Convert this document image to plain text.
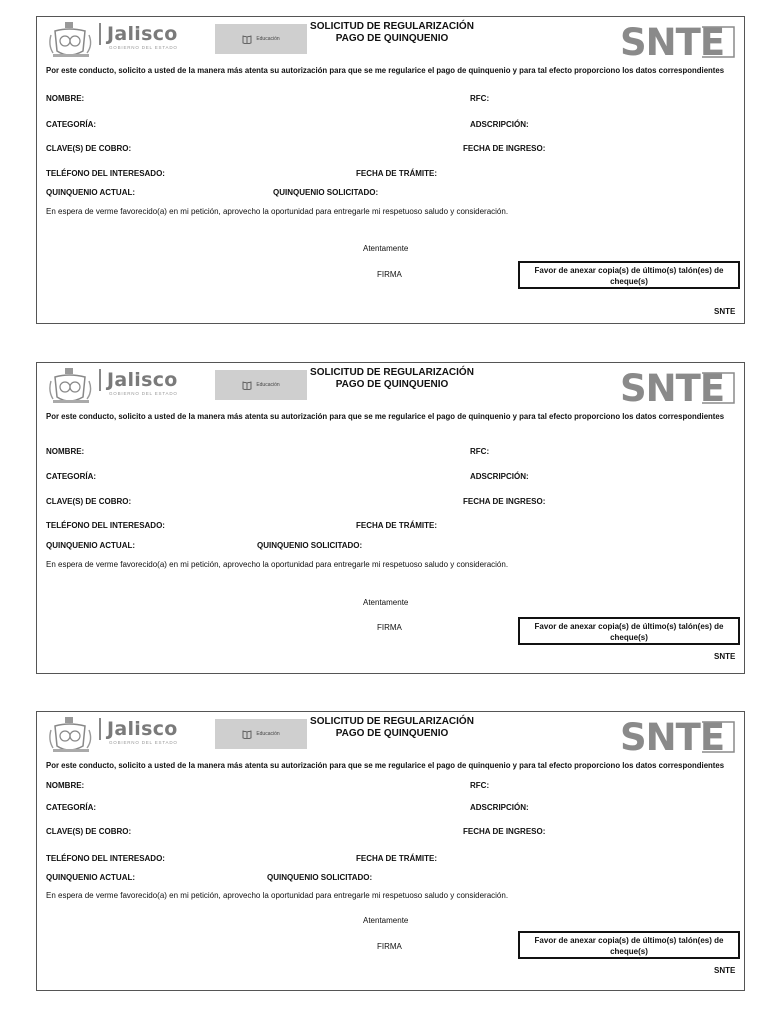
Jalisco
GOBIERNO DEL ESTADO
Educación
SOLICITUD DE REGULARIZACIÓN
PAGO DE QUINQUENIO	SNTE
Por este conducto, solicito a usted de la manera más atenta su autorización para que se me regularice el pago de quinquenio y para tal efecto proporciono los datos correspondientes
NOMBRE:	RFC:
CATEGORÍA:	ADSCRIPCIÓN:
CLAVE(S) DE COBRO:	FECHA DE INGRESO:
TELÉFONO DEL INTERESADO:	FECHA DE TRÁMITE:
QUINQUENIO ACTUAL:	QUINQUENIO SOLICITADO:
En espera de verme favorecido(a) en mi petición, aprovecho la oportunidad para entregarle mi respetuoso saludo y consideración.
Atentamente
FIRMA	Favor de anexar copia(s) de último(s) talón(es) de cheque(s)
SNTE
Jalisco
GOBIERNO DEL ESTADO
Educación
SOLICITUD DE REGULARIZACIÓN
PAGO DE QUINQUENIO	SNTE
Por este conducto, solicito a usted de la manera más atenta su autorización para que se me regularice el pago de quinquenio y para tal efecto proporciono los datos correspondientes
NOMBRE:	RFC:
CATEGORÍA:	ADSCRIPCIÓN:
CLAVE(S) DE COBRO:	FECHA DE INGRESO:
TELÉFONO DEL INTERESADO:	FECHA DE TRÁMITE:
QUINQUENIO ACTUAL:	QUINQUENIO SOLICITADO:
En espera de verme favorecido(a) en mi petición, aprovecho la oportunidad para entregarle mi respetuoso saludo y consideración.
Atentamente
FIRMA	Favor de anexar copia(s) de último(s) talón(es) de cheque(s)
SNTE
Jalisco
GOBIERNO DEL ESTADO
Educación
SOLICITUD DE REGULARIZACIÓN
PAGO DE QUINQUENIO	SNTE
Por este conducto, solicito a usted de la manera más atenta su autorización para que se me regularice el pago de quinquenio y para tal efecto proporciono los datos correspondientes
NOMBRE:	RFC:
CATEGORÍA:	ADSCRIPCIÓN:
CLAVE(S) DE COBRO:	FECHA DE INGRESO:
TELÉFONO DEL INTERESADO:	FECHA DE TRÁMITE:
QUINQUENIO ACTUAL:	QUINQUENIO SOLICITADO:
En espera de verme favorecido(a) en mi petición, aprovecho la oportunidad para entregarle mi respetuoso saludo y consideración.
Atentamente
FIRMA
Favor de anexar copia(s) de último(s) talón(es) de cheque(s)
SNTE
